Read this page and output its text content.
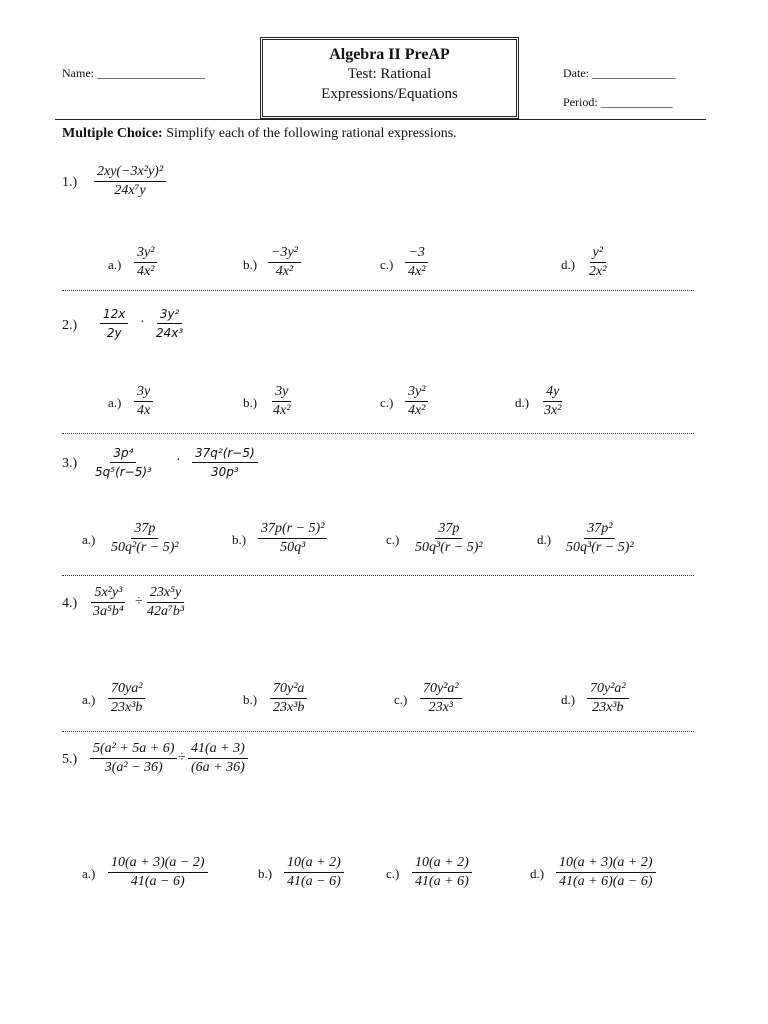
Name: __________________
Algebra II PreAP
Test: Rational
Expressions/Equations
Date: ______________
Period: ____________
Multiple Choice: Simplify each of the following rational expressions.
$1.) \frac{\text{2xy(−3x²y)²}}{\text{24x⁷y}}$
$a.) \frac{\text{3y²}}{\text{4x²}}$	$b.) \frac{\text{−3y²}}{\text{4x²}}$	$c.) \frac{-3}{\text{4x²}}$	$d.) \frac{\text{y²}}{\text{2x²}}$
$2.) \frac{12x}{2y} \cdot \frac{\text{3y²}}{\text{24x³}}$
$a.) \frac{3y}{4x}$	$b.) \frac{3y}{\text{4x²}}$	$c.) \frac{\text{3y²}}{\text{4x²}}$	$d.) \frac{4y}{\text{3x²}}$
$3.) \frac{\text{3p⁴}}{\text{5q⁵(r−5)³}} \cdot \frac{\text{37q²(r−5)}}{\text{30p³}}$
$a.) \frac{37p}{\text{50q²(r − 5)²}}$	$b.) \frac{\text{37p(r − 5)²}}{\text{50q³}}$	$c.) \frac{37p}{\text{50q³(r − 5)²}}$	$d.) \frac{\text{37p²}}{\text{50q³(r − 5)²}}$
$4.) \frac{\text{5x²y³}}{\text{3a⁵b⁴}} \div \frac{\text{23x⁵y}}{\text{42a⁷b³}}$
$a.) \frac{\text{70ya²}}{\text{23x³b}}$	$b.) \frac{\text{70y²a}}{\text{23x³b}}$	$c.) \frac{\text{70y²a²}}{\text{23x³}}$	$d.) \frac{\text{70y²a²}}{\text{23x³b}}$
$5.) \frac{\text{5(a² + 5a + 6)}}{\text{3(a² − 36)}} \div \frac{41(a + 3)}{(6a + 36)}$
$a.) \frac{10(a + 3)(a - 2)}{41(a - 6)}$	$b.) \frac{10(a + 2)}{41(a - 6)}$	$c.) \frac{10(a + 2)}{41(a + 6)}$	$d.) \frac{10(a + 3)(a + 2)}{41(a + 6)(a - 6)}$
